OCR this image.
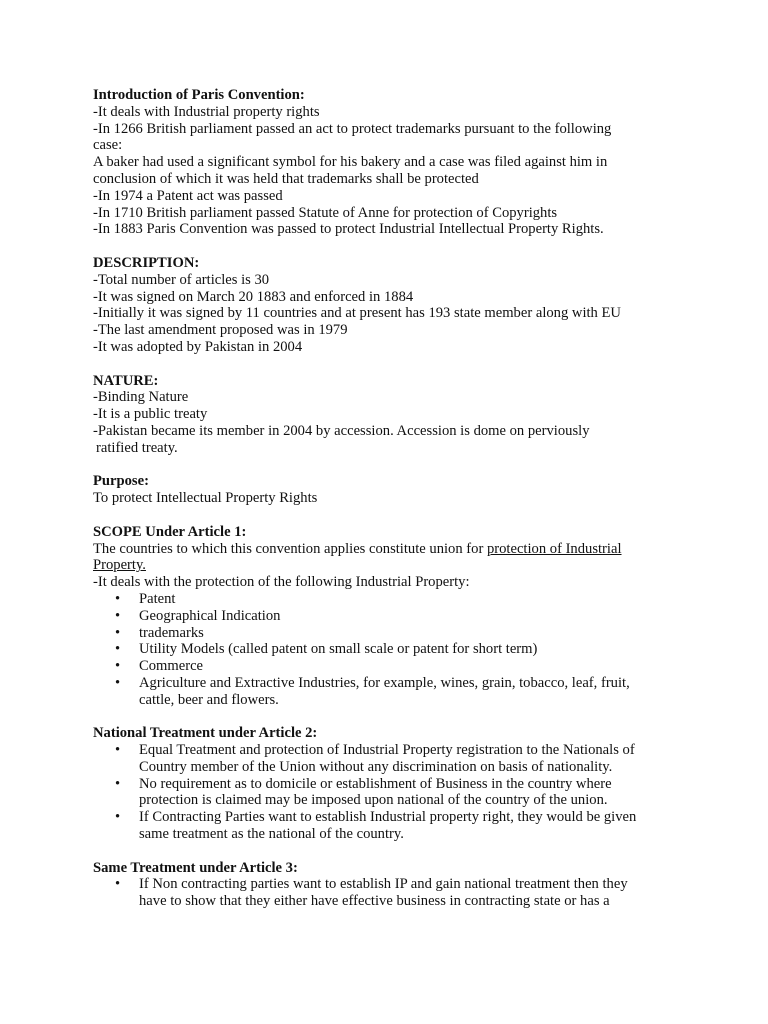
Introduction of Paris Convention:
-It deals with Industrial property rights
-In 1266 British parliament passed an act to protect trademarks pursuant to the following
case:
A baker had used a significant symbol for his bakery and a case was filed against him in
conclusion of which it was held that trademarks shall be protected
-In 1974 a Patent act was passed
-In 1710 British parliament passed Statute of Anne for protection of Copyrights
-In 1883 Paris Convention was passed to protect Industrial Intellectual Property Rights.
DESCRIPTION:
-Total number of articles is 30
-It was signed on March 20 1883 and enforced in 1884
-Initially it was signed by 11 countries and at present has 193 state member along with EU
-The last amendment proposed was in 1979
-It was adopted by Pakistan in 2004
NATURE:
-Binding Nature
-It is a public treaty
-Pakistan became its member in 2004 by accession. Accession is dome on perviously
ratified treaty.
Purpose:
To protect Intellectual Property Rights
SCOPE Under Article 1:
The countries to which this convention applies constitute union for protection of Industrial
Property.
-It deals with the protection of the following Industrial Property:
• Patent
• Geographical Indication
• trademarks
• Utility Models (called patent on small scale or patent for short term)
• Commerce
• Agriculture and Extractive Industries, for example, wines, grain, tobacco, leaf, fruit,
cattle, beer and flowers.
National Treatment under Article 2:
• Equal Treatment and protection of Industrial Property registration to the Nationals of
Country member of the Union without any discrimination on basis of nationality.
• No requirement as to domicile or establishment of Business in the country where
protection is claimed may be imposed upon national of the country of the union.
• If Contracting Parties want to establish Industrial property right, they would be given
same treatment as the national of the country.
Same Treatment under Article 3:
• If Non contracting parties want to establish IP and gain national treatment then they
have to show that they either have effective business in contracting state or has a
